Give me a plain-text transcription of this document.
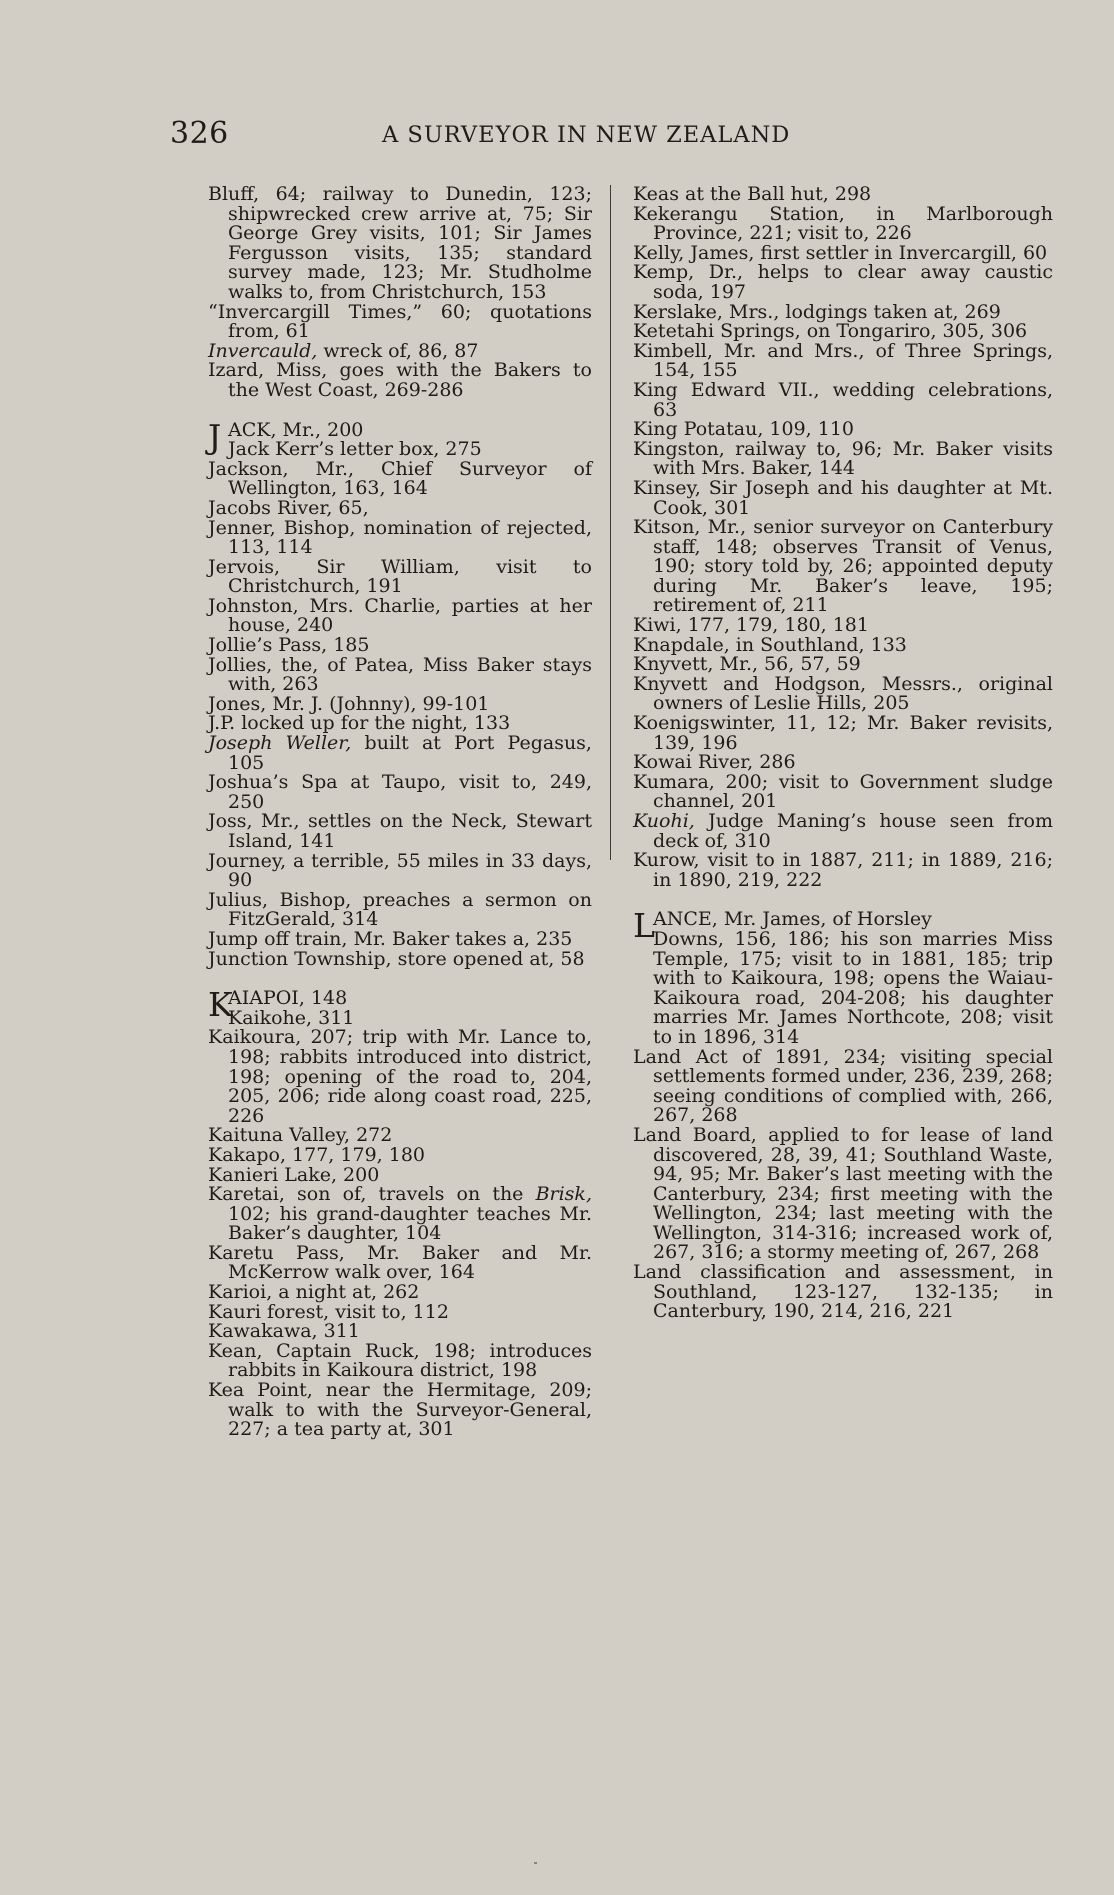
326	A SURVEYOR IN NEW ZEALAND

Bluff, 64; railway to Dunedin, 123; shipwrecked crew arrive at, 75; Sir George Grey visits, 101; Sir James Fergusson visits, 135; standard survey made, 123; Mr. Studholme walks to, from Christchurch, 153

“Invercargill Times,” 60; quotations from, 61

Invercauld, wreck of, 86, 87

Izard, Miss, goes with the Bakers to the West Coast, 269-286

J ACK, Mr., 200

Jack Kerr’s letter box, 275

Jackson, Mr., Chief Surveyor of Wellington, 163, 164

Jacobs River, 65,

Jenner, Bishop, nomination of rejected, 113, 114

Jervois, Sir William, visit to Christchurch, 191

Johnston, Mrs. Charlie, parties at her house, 240

Jollie’s Pass, 185

Jollies, the, of Patea, Miss Baker stays with, 263

Jones, Mr. J. (Johnny), 99-101

J.P. locked up for the night, 133

Joseph Weller, built at Port Pegasus, 105

Joshua’s Spa at Taupo, visit to, 249, 250

Joss, Mr., settles on the Neck, Stewart Island, 141

Journey, a terrible, 55 miles in 33 days, 90

Julius, Bishop, preaches a sermon on FitzGerald, 314

Jump off train, Mr. Baker takes a, 235

Junction Township, store opened at, 58

K

AIAPOI, 148

Kaikohe, 311

Kaikoura, 207; trip with Mr. Lance to, 198; rabbits introduced into district, 198; opening of the road to, 204, 205, 206; ride along coast road, 225, 226

Kaituna Valley, 272

Kakapo, 177, 179, 180

Kanieri Lake, 200

Karetai, son of, travels on the Brisk, 102; his grand-daughter teaches Mr. Baker’s daughter, 104

Karetu Pass, Mr. Baker and Mr. McKerrow walk over, 164

Karioi, a night at, 262

Kauri forest, visit to, 112

Kawakawa, 311

Kean, Captain Ruck, 198; introduces rabbits in Kaikoura district, 198

Kea Point, near the Hermitage, 209; walk to with the Surveyor-General, 227; a tea party at, 301

Keas at the Ball hut, 298

Kekerangu Station, in Marlborough Province, 221; visit to, 226

Kelly, James, first settler in Invercargill, 60

Kemp, Dr., helps to clear away caustic soda, 197

Kerslake, Mrs., lodgings taken at, 269

Ketetahi Springs, on Tongariro, 305, 306

Kimbell, Mr. and Mrs., of Three Springs, 154, 155

King Edward VII., wedding celebrations, 63

King Potatau, 109, 110

Kingston, railway to, 96; Mr. Baker visits with Mrs. Baker, 144

Kinsey, Sir Joseph and his daughter at Mt. Cook, 301

Kitson, Mr., senior surveyor on Canterbury staff, 148; observes Transit of Venus, 190; story told by, 26; appointed deputy during Mr. Baker’s leave, 195; retirement of, 211

Kiwi, 177, 179, 180, 181

Knapdale, in Southland, 133

Knyvett, Mr., 56, 57, 59

Knyvett and Hodgson, Messrs., original owners of Leslie Hills, 205

Koenigswinter, 11, 12; Mr. Baker revisits, 139, 196

Kowai River, 286

Kumara, 200; visit to Government sludge channel, 201

Kuohi, Judge Maning’s house seen from deck of, 310

Kurow, visit to in 1887, 211; in 1889, 216; in 1890, 219, 222

L

ANCE, Mr. James, of Horsley

Downs, 156, 186; his son marries Miss Temple, 175; visit to in 1881, 185; trip with to Kaikoura, 198; opens the Waiau-Kaikoura road, 204-208; his daughter marries Mr. James Northcote, 208; visit to in 1896, 314

Land Act of 1891, 234; visiting special settlements formed under, 236, 239, 268; seeing conditions of complied with, 266, 267, 268

Land Board, applied to for lease of land discovered, 28, 39, 41; Southland Waste, 94, 95; Mr. Baker’s last meeting with the Canterbury, 234; first meeting with the Wellington, 234; last meeting with the Wellington, 314-316; increased work of, 267, 316; a stormy meeting of, 267, 268

Land classification and assessment, in Southland, 123-127, 132-135; in Canterbury, 190, 214, 216, 221
